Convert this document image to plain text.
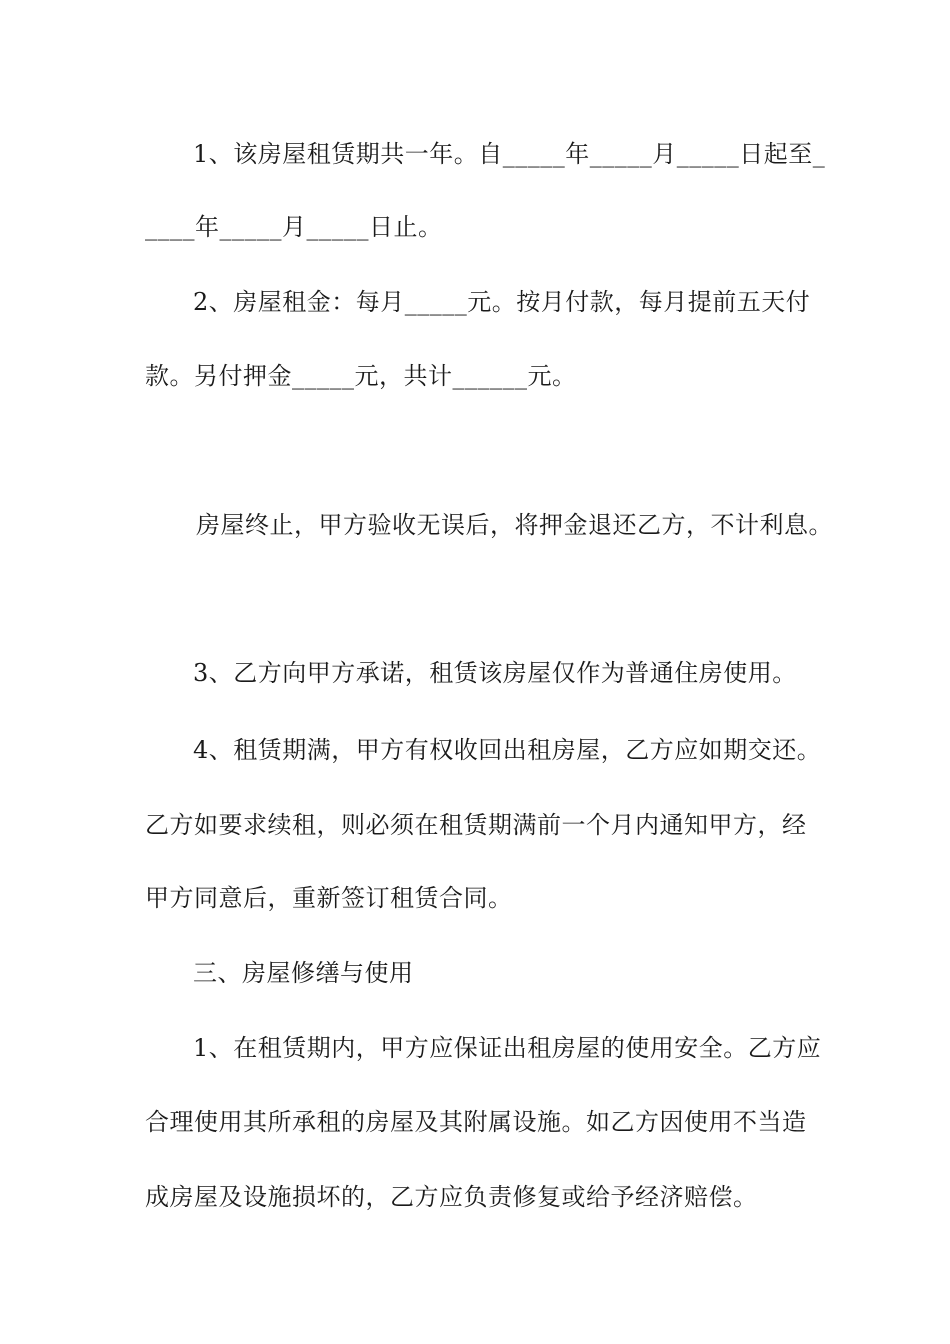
1、该房屋租赁期共一年。自_____年_____月_____日起至_
____年_____月_____日止。
2、房屋租金：每月_____元。按月付款，每月提前五天付
款。另付押金_____元，共计______元。
房屋终止，甲方验收无误后，将押金退还乙方，不计利息。
3、乙方向甲方承诺，租赁该房屋仅作为普通住房使用。
4、租赁期满，甲方有权收回出租房屋，乙方应如期交还。
乙方如要求续租，则必须在租赁期满前一个月内通知甲方，经
甲方同意后，重新签订租赁合同。
三、房屋修缮与使用
1、在租赁期内，甲方应保证出租房屋的使用安全。乙方应
合理使用其所承租的房屋及其附属设施。如乙方因使用不当造
成房屋及设施损坏的，乙方应负责修复或给予经济赔偿。
